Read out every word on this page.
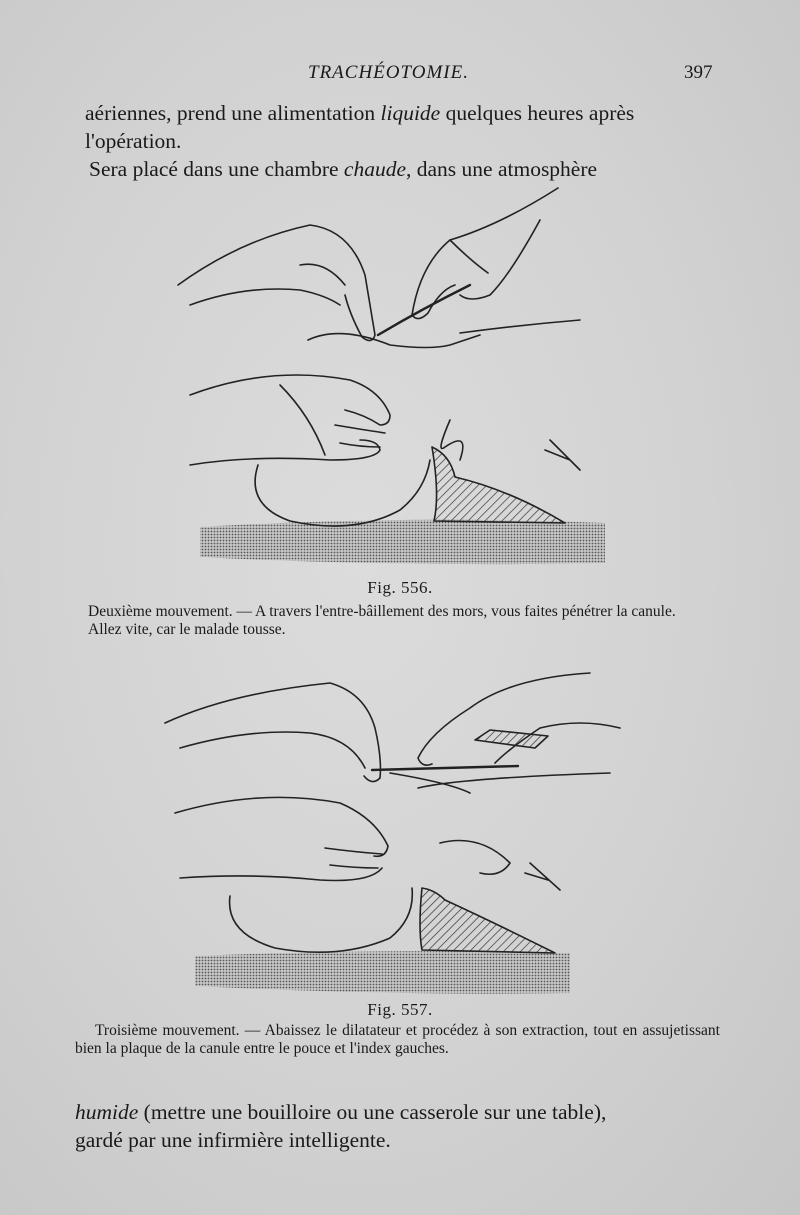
TRACHÉOTOMIE.	397
aériennes, prend une alimentation liquide quelques heures après
l'opération.
Sera placé dans une chambre chaude, dans une atmosphère
Fig. 556.

Deuxième mouvement. — A travers l'entre-bâillement des mors, vous faites pénétrer la canule.

Allez vite, car le malade tousse.

Fig. 557.

Troisième mouvement. — Abaissez le dilatateur et procédez à son extraction, tout en assujetissant bien la plaque de la canule entre le pouce et l'index gauches.

humide (mettre une bouilloire ou une casserole sur une table),
gardé par une infirmière intelligente.
